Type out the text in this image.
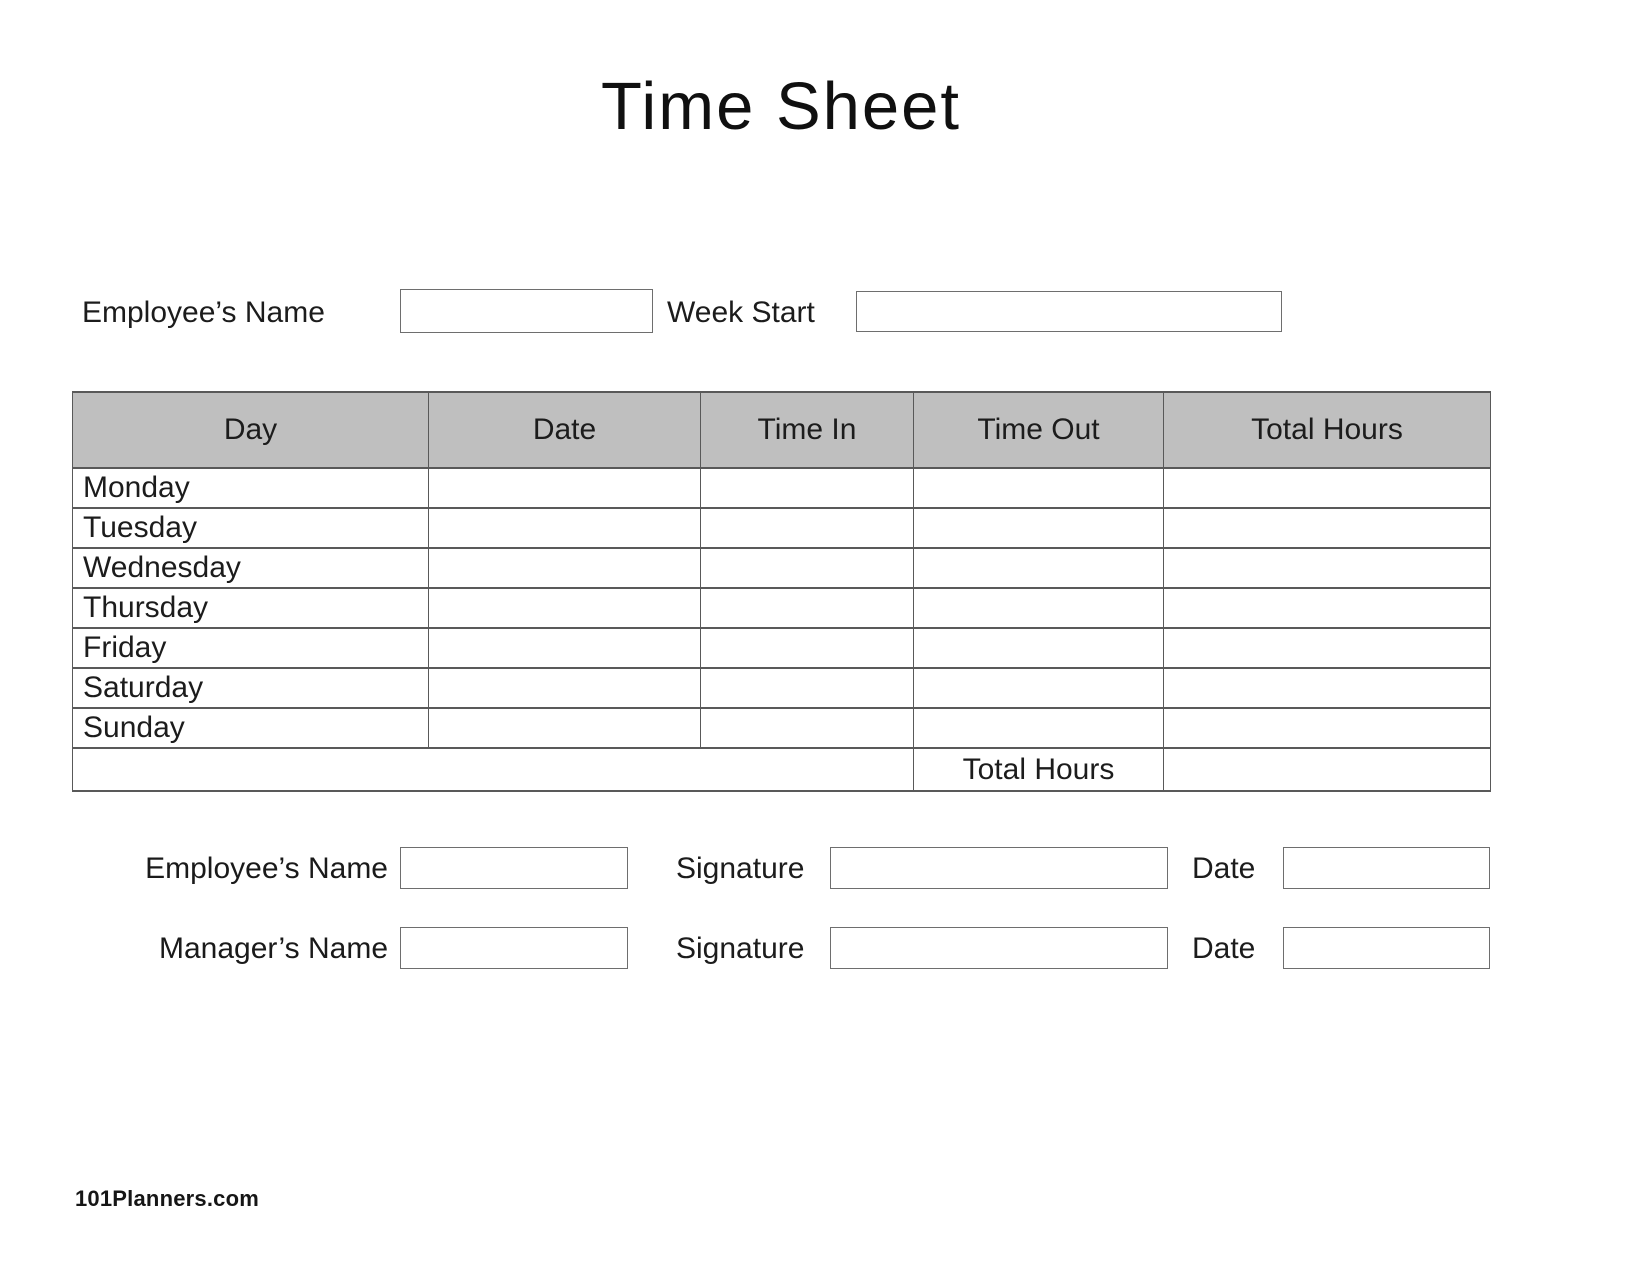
Time Sheet
Employee’s Name	Week Start
Day	Date	Time In	Time Out	Total Hours
Monday				
Tuesday				
Wednesday				
Thursday				
Friday				
Saturday				
Sunday				
			Total Hours	
Employee’s Name	Signature	Date
Manager’s Name	Signature	Date
101Planners.com
